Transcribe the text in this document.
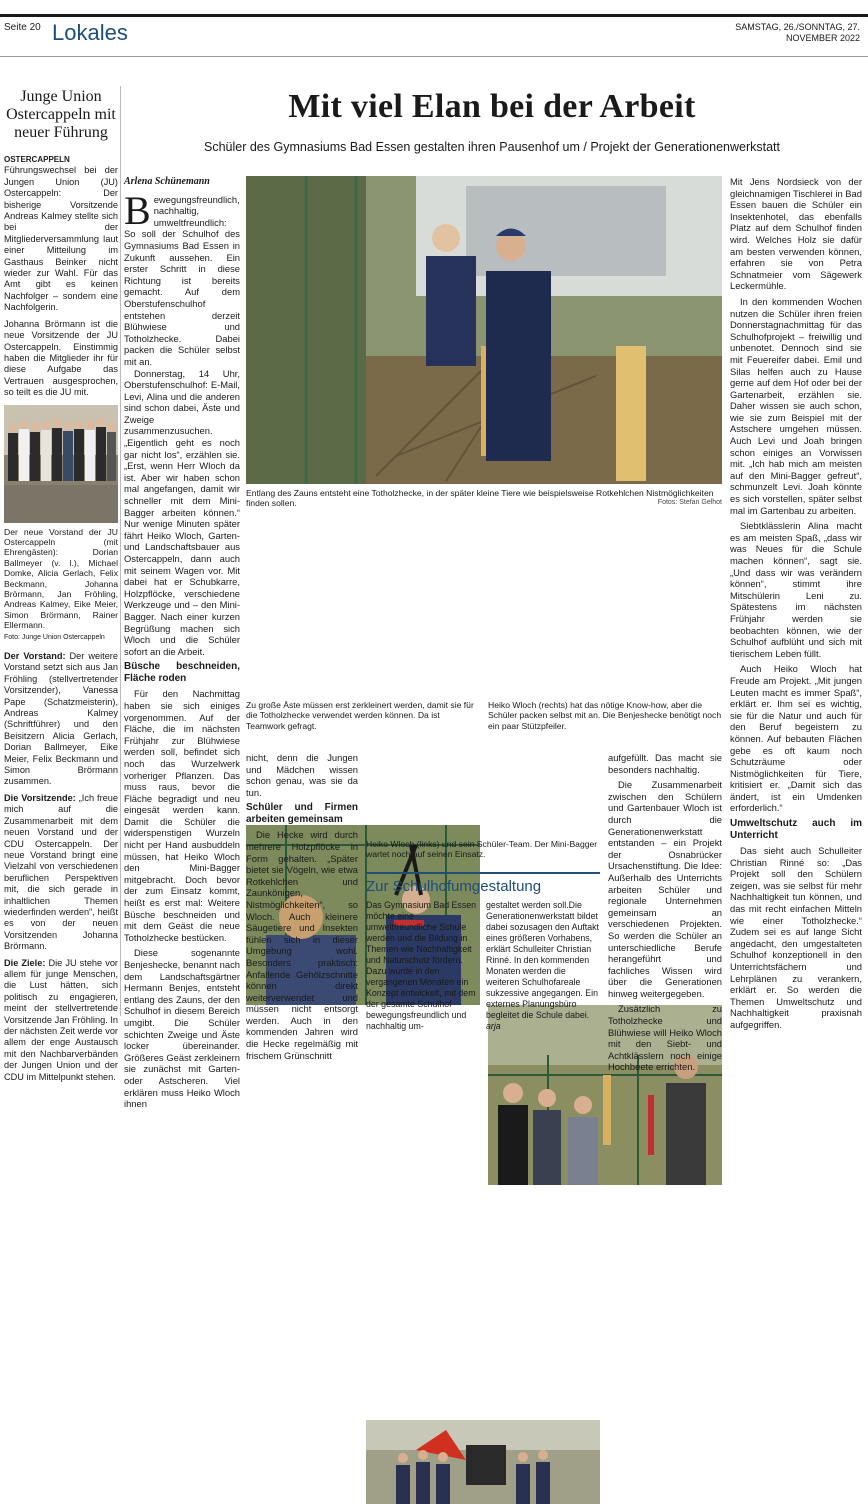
Seite 20 Lokales	SAMSTAG, 26./SONNTAG, 27. NOVEMBER 2022
Junge Union Ostercappeln mit neuer Führung

OSTERCAPPELN Führungswechsel bei der Jungen Union (JU) Ostercappeln: Der bisherige Vorsitzende Andreas Kalmey stellte sich bei der Mitgliederversammlung laut einer Mitteilung im Gasthaus Beinker nicht wieder zur Wahl. Für das Amt gibt es keinen Nachfolger – sondern eine Nachfolgerin.

Johanna Brörmann ist die neue Vorsitzende der JU Ostercappeln. Einstimmig haben die Mitglieder ihr für diese Aufgabe das Vertrauen ausgesprochen, so teilt es die JU mit.

Der neue Vorstand der JU Ostercappeln (mit Ehrengästen): Dorian Ballmeyer (v. l.), Michael Domke, Alicia Gerlach, Felix Beckmann, Johanna Brörmann, Jan Fröhling, Andreas Kalmey, Eike Meier, Simon Brörmann, Rainer Ellermann.

Foto: Junge Union Ostercappeln

Der Vorstand: Der weitere Vorstand setzt sich aus Jan Fröhling (stellvertretender Vorsitzender), Vanessa Pape (Schatzmeisterin), Andreas Kalmey (Schriftführer) und den Beisitzern Alicia Gerlach, Dorian Ballmeyer, Eike Meier, Felix Beckmann und Simon Brörmann zusammen.

Die Vorsitzende: „Ich freue mich auf die Zusammenarbeit mit dem neuen Vorstand und der CDU Ostercappeln. Der neue Vorstand bringt eine Vielzahl von verschiedenen beruflichen Perspektiven mit, die sich gerade in inhaltlichen Themen wiederfinden werden“, heißt es von der neuen Vorsitzenden Johanna Brörmann.

Die Ziele: Die JU stehe vor allem für junge Menschen, die Lust hätten, sich politisch zu engagieren, meint der stellvertretende Vorsitzende Jan Fröhling. In der nächsten Zeit werde vor allem der enge Austausch mit den Nachbarverbänden der Jungen Union und der CDU im Mittelpunkt stehen.

Mit viel Elan bei der Arbeit
Schüler des Gymnasiums Bad Essen gestalten ihren Pausenhof um / Projekt der Generationenwerkstatt
Arlena Schünemann
Bewegungsfreundlich, nachhaltig, umweltfreundlich: So soll der Schulhof des Gymnasiums Bad Essen in Zukunft aussehen. Ein erster Schritt in diese Richtung ist bereits gemacht. Auf dem Oberstufenschulhof entstehen derzeit Blühwiese und Totholzhecke. Dabei packen die Schüler selbst mit an.

Donnerstag, 14 Uhr, Oberstufenschulhof: E-Mail, Levi, Alina und die anderen sind schon dabei, Äste und Zweige zusammenzusuchen. „Eigentlich geht es noch gar nicht los“, erzählen sie. „Erst, wenn Herr Wloch da ist. Aber wir haben schon mal angefangen, damit wir schneller mit dem Mini-Bagger arbeiten können.“ Nur wenige Minuten später fährt Heiko Wloch, Garten- und Landschaftsbauer aus Ostercappeln, dann auch mit seinem Wagen vor. Mit dabei hat er Schubkarre, Holzpflöcke, verschiedene Werkzeuge und – den Mini-Bagger. Nach einer kurzen Begrüßung machen sich Wloch und die Schüler sofort an die Arbeit.

Büsche beschneiden, Fläche roden

Für den Nachmittag haben sie sich einiges vorgenommen. Auf der Fläche, die im nächsten Frühjahr zur Blühwiese werden soll, befindet sich noch das Wurzelwerk vorheriger Pflanzen. Das muss raus, bevor die Fläche begradigt und neu eingesät werden kann. Damit die Schüler die widerspenstigen Wurzeln nicht per Hand ausbuddeln müssen, hat Heiko Wloch den Mini-Bagger mitgebracht. Doch bevor der zum Einsatz kommt, heißt es erst mal: Weitere Büsche beschneiden und mit dem Geäst die neue Totholzhecke bestücken.

Diese sogenannte Benjeshecke, benannt nach dem Landschaftsgärtner Hermann Benjes, entsteht entlang des Zauns, der den Schulhof in diesem Bereich umgibt. Die Schüler schichten Zweige und Äste locker übereinander. Größeres Geäst zerkleinern sie zunächst mit Garten- oder Astscheren. Viel erklären muss Heiko Wloch ihnen

Entlang des Zauns entsteht eine Totholzhecke, in der später kleine Tiere wie beispielsweise Rotkehlchen Nistmöglichkeiten finden sollen.	Fotos: Stefan Gelhot

Mit Jens Nordsieck von der gleichnamigen Tischlerei in Bad Essen bauen die Schüler ein Insektenhotel, das ebenfalls Platz auf dem Schulhof finden wird. Welches Holz sie dafür am besten verwenden können, erfahren sie von Petra Schnatmeier vom Sägewerk Leckermühle.

In den kommenden Wochen nutzen die Schüler ihren freien Donnerstagnachmittag für das Schulhofprojekt – freiwillig und unbenotet. Dennoch sind sie mit Feuereifer dabei. Emil und Silas helfen auch zu Hause gerne auf dem Hof oder bei der Gartenarbeit, erzählen sie. Daher wissen sie auch schon, wie sie zum Beispiel mit der Astschere umgehen müssen. Auch Levi und Joah bringen schon einiges an Vorwissen mit. „Ich hab mich am meisten auf den Mini-Bagger gefreut“, schmunzelt Levi. Joah könnte es sich vorstellen, später selbst mal im Gartenbau zu arbeiten.

Siebtklässlerin Alina macht es am meisten Spaß, „dass wir was Neues für die Schule machen können“, sagt sie. „Und dass wir was verändern können“, stimmt ihre Mitschülerin Leni zu. Spätestens im nächsten Frühjahr werden sie beobachten können, wie der Schulhof aufblüht und sich mit tierischem Leben füllt.

Auch Heiko Wloch hat Freude am Projekt. „Mit jungen Leuten macht es immer Spaß“, erklärt er. Ihm sei es wichtig, sie für die Natur und auch für den Beruf begeistern zu können. Auf bebauten Flächen gebe es oft kaum noch Schutzräume oder Nistmöglichkeiten für Tiere, kritisiert er. „Damit sich das ändert, ist ein Umdenken erforderlich.“

Umweltschutz auch im Unterricht

Das sieht auch Schulleiter Christian Rinné so: „Das Projekt soll den Schülern zeigen, was sie selbst für mehr Nachhaltigkeit tun können, und das mit recht einfachen Mitteln wie einer Totholzhecke.“ Zudem sei es auf lange Sicht angedacht, den umgestalteten Schulhof konzeptionell in den Unterrichtsfächern und Lehrplänen zu verankern, erklärt er. So werden die Themen Umweltschutz und Nachhaltigkeit praxisnah aufgegriffen.

Zu große Äste müssen erst zerkleinert werden, damit sie für die Totholzhecke verwendet werden können. Da ist Teamwork gefragt.
Heiko Wloch (rechts) hat das nötige Know-how, aber die Schüler packen selbst mit an. Die Benjeshecke benötigt noch ein paar Stützpfeiler.

nicht, denn die Jungen und Mädchen wissen schon genau, was sie da tun.

Schüler und Firmen arbeiten gemeinsam

Die Hecke wird durch mehrere Holzpflöcke in Form gehalten. „Später bietet sie Vögeln, wie etwa Rotkehlchen und Zaunkönigen, Nistmöglichkeiten“, so Wloch. Auch kleinere Säugetiere und Insekten fühlen sich in dieser Umgebung wohl. Besonders praktisch: Anfallende Gehölzschnitte können direkt weiterverwendet und müssen nicht entsorgt werden. Auch in den kommenden Jahren wird die Hecke regelmäßig mit frischem Grünschnitt

Heiko Wloch (links) und sein Schüler-Team. Der Mini-Bagger wartet noch auf seinen Einsatz.

aufgefüllt. Das macht sie besonders nachhaltig.

Die Zusammenarbeit zwischen den Schülern und Gartenbauer Wloch ist durch die Generationenwerkstatt entstanden – ein Projekt der Osnabrücker Ursachenstiftung. Die Idee: Außerhalb des Unterrichts arbeiten Schüler und regionale Unternehmen gemeinsam an verschiedenen Projekten. So werden die Schüler an unterschiedliche Berufe herangeführt und fachliches Wissen wird über die Generationen hinweg weitergegeben.

Zusätzlich zu Totholzhecke und Blühwiese will Heiko Wloch mit den Siebt- und Achtklässlern noch einige Hochbeete errichten.

Zur Schulhofumgestaltung
Das Gymnasium Bad Essen möchte eine umweltfreundliche Schule werden und die Bildung in Themen wie Nachhaltigkeit und Naturschutz fördern. Dazu wurde in den vergangenen Monaten ein Konzept entwickelt, mit dem der gesamte Schulhof bewegungsfreundlich und nachhaltig um-
gestaltet werden soll.Die Generationenwerkstatt bildet dabei sozusagen den Auftakt eines größeren Vorhabens, erklärt Schulleiter Christian Rinné. In den kommenden Monaten werden die weiteren Schulhofareale sukzessive angegangen. Ein externes Planungsbüro begleitet die Schule dabei. arja
